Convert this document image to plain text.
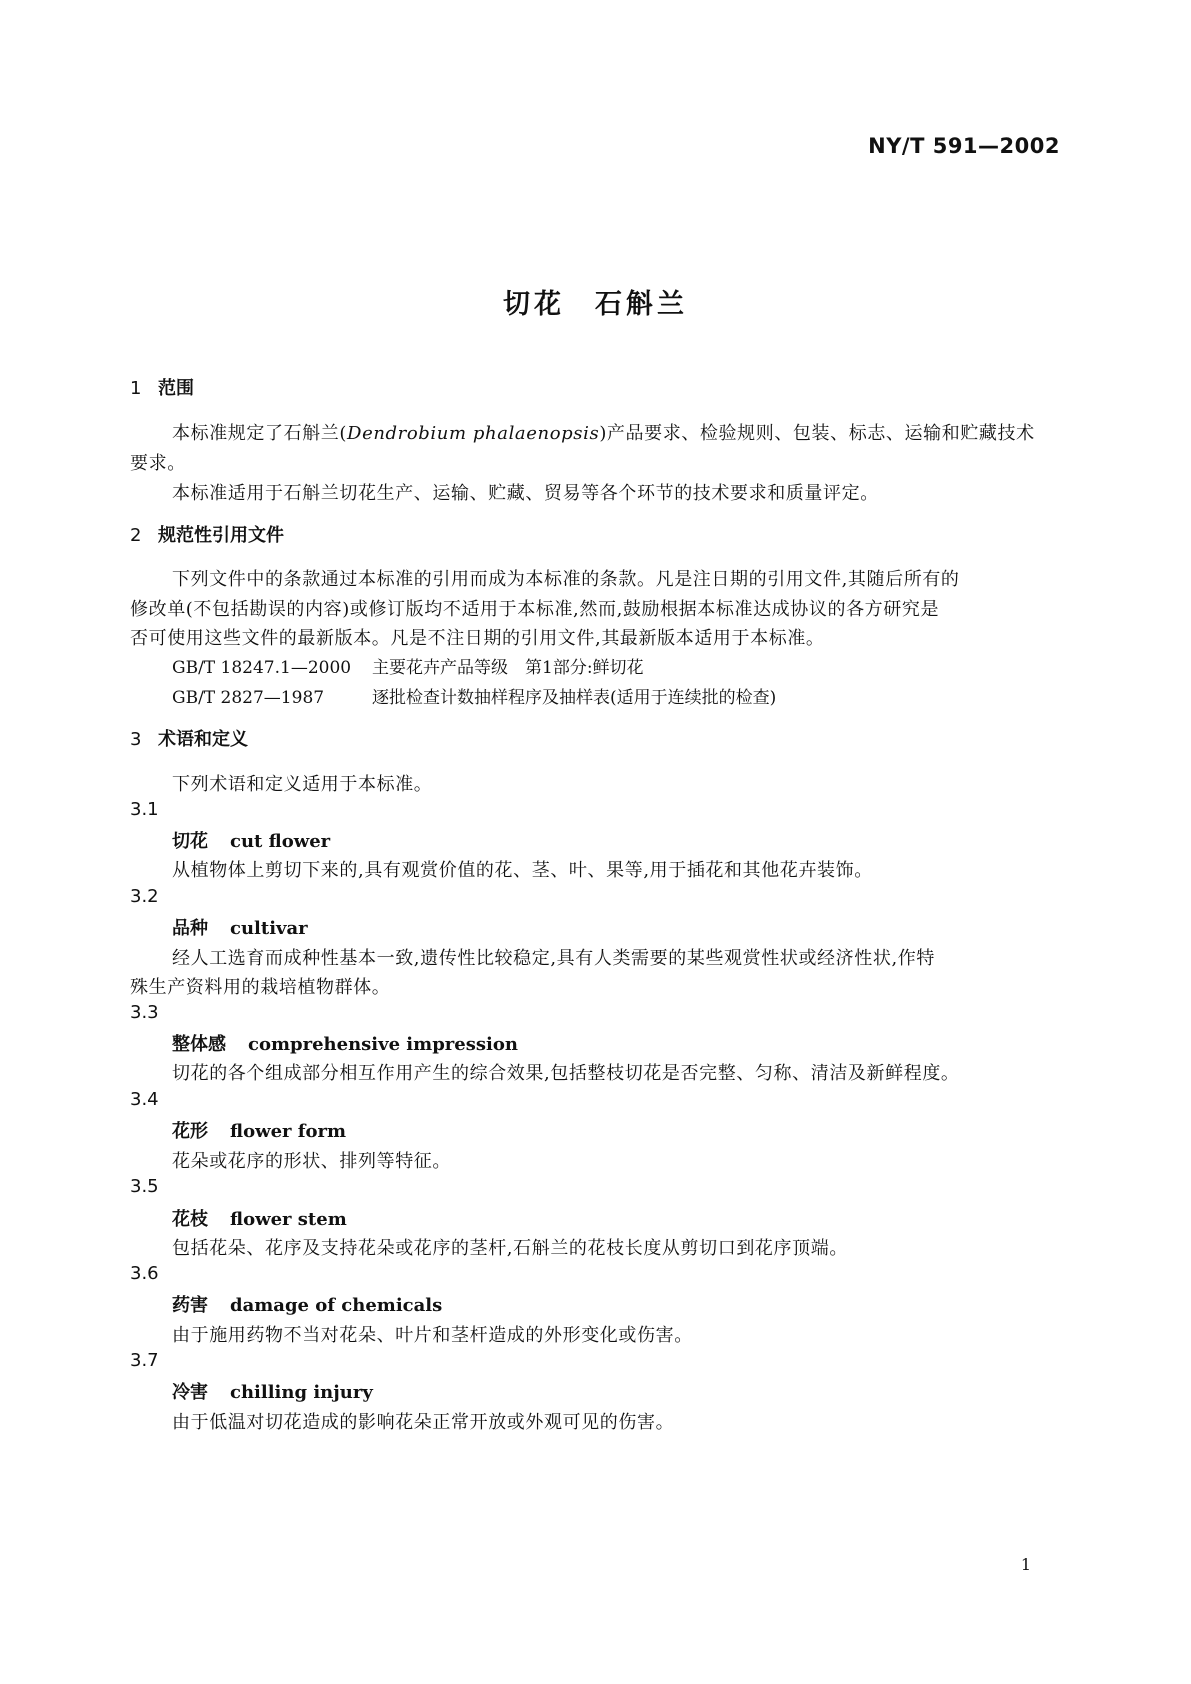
NY/T 591—2002
切花 石斛兰
1 范围
本标准规定了石斛兰(Dendrobium phalaenopsis)产品要求、检验规则、包装、标志、运输和贮藏技术
要求。
本标准适用于石斛兰切花生产、运输、贮藏、贸易等各个环节的技术要求和质量评定。
2 规范性引用文件
下列文件中的条款通过本标准的引用而成为本标准的条款。凡是注日期的引用文件,其随后所有的
修改单(不包括勘误的内容)或修订版均不适用于本标准,然而,鼓励根据本标准达成协议的各方研究是
否可使用这些文件的最新版本。凡是不注日期的引用文件,其最新版本适用于本标准。
GB/T 18247.1—2000 主要花卉产品等级　第1部分:鲜切花
GB/T 2827—1987	逐批检查计数抽样程序及抽样表(适用于连续批的检查)
3 术语和定义
下列术语和定义适用于本标准。
3.1
切花 cut flower
从植物体上剪切下来的,具有观赏价值的花、茎、叶、果等,用于插花和其他花卉装饰。
3.2
品种 cultivar
经人工选育而成种性基本一致,遗传性比较稳定,具有人类需要的某些观赏性状或经济性状,作特
殊生产资料用的栽培植物群体。
3.3
整体感 comprehensive impression
切花的各个组成部分相互作用产生的综合效果,包括整枝切花是否完整、匀称、清洁及新鲜程度。
3.4
花形 flower form
花朵或花序的形状、排列等特征。
3.5
花枝 flower stem
包括花朵、花序及支持花朵或花序的茎杆,石斛兰的花枝长度从剪切口到花序顶端。
3.6
药害 damage of chemicals
由于施用药物不当对花朵、叶片和茎杆造成的外形变化或伤害。
3.7
冷害 chilling injury
由于低温对切花造成的影响花朵正常开放或外观可见的伤害。
1
